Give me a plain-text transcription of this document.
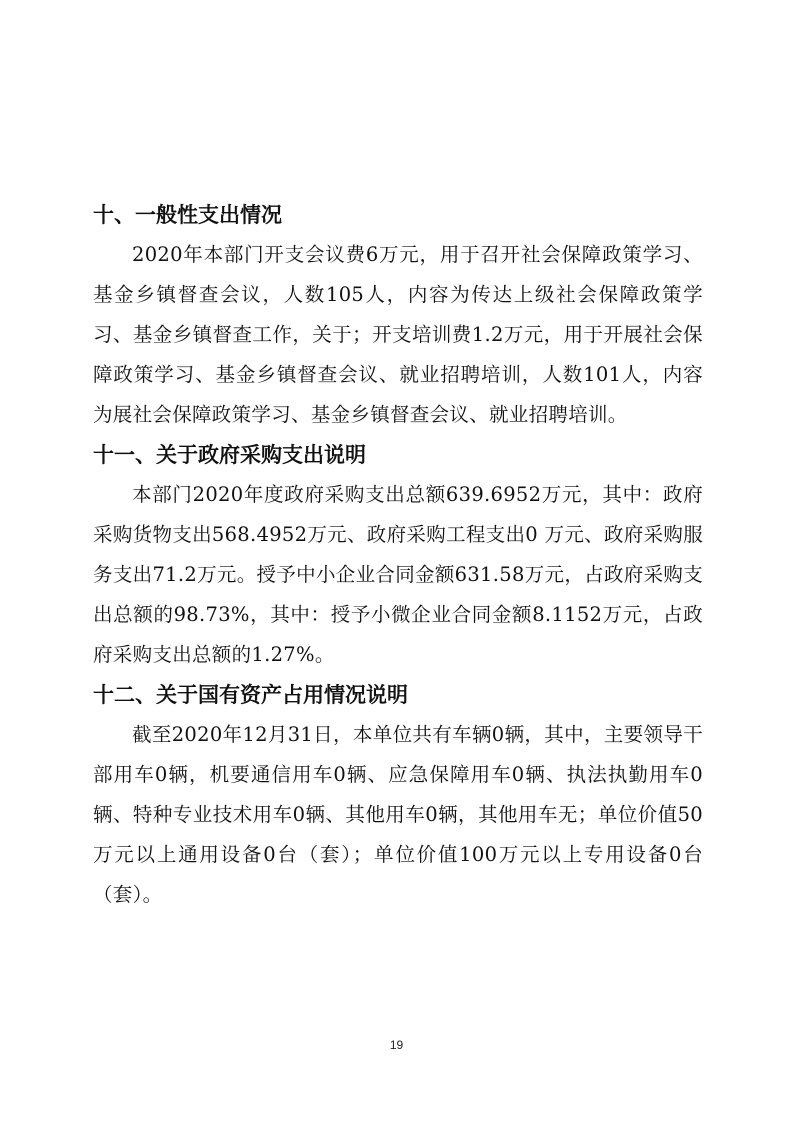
十、一般性支出情况

2020年本部门开支会议费6万元，用于召开社会保障政策学习、基金乡镇督查会议，人数105人，内容为传达上级社会保障政策学习、基金乡镇督查工作，关于；开支培训费1.2万元，用于开展社会保障政策学习、基金乡镇督查会议、就业招聘培训，人数101人，内容为展社会保障政策学习、基金乡镇督查会议、就业招聘培训。

十一、关于政府采购支出说明

本部门2020年度政府采购支出总额639.6952万元，其中：政府采购货物支出568.4952万元、政府采购工程支出0 万元、政府采购服务支出71.2万元。授予中小企业合同金额631.58万元，占政府采购支出总额的98.73%，其中：授予小微企业合同金额8.1152万元，占政府采购支出总额的1.27%。

十二、关于国有资产占用情况说明

截至2020年12月31日，本单位共有车辆0辆，其中，主要领导干部用车0辆，机要通信用车0辆、应急保障用车0辆、执法执勤用车0辆、特种专业技术用车0辆、其他用车0辆，其他用车无；单位价值50万元以上通用设备0台（套）；单位价值100万元以上专用设备0台（套）。

19
